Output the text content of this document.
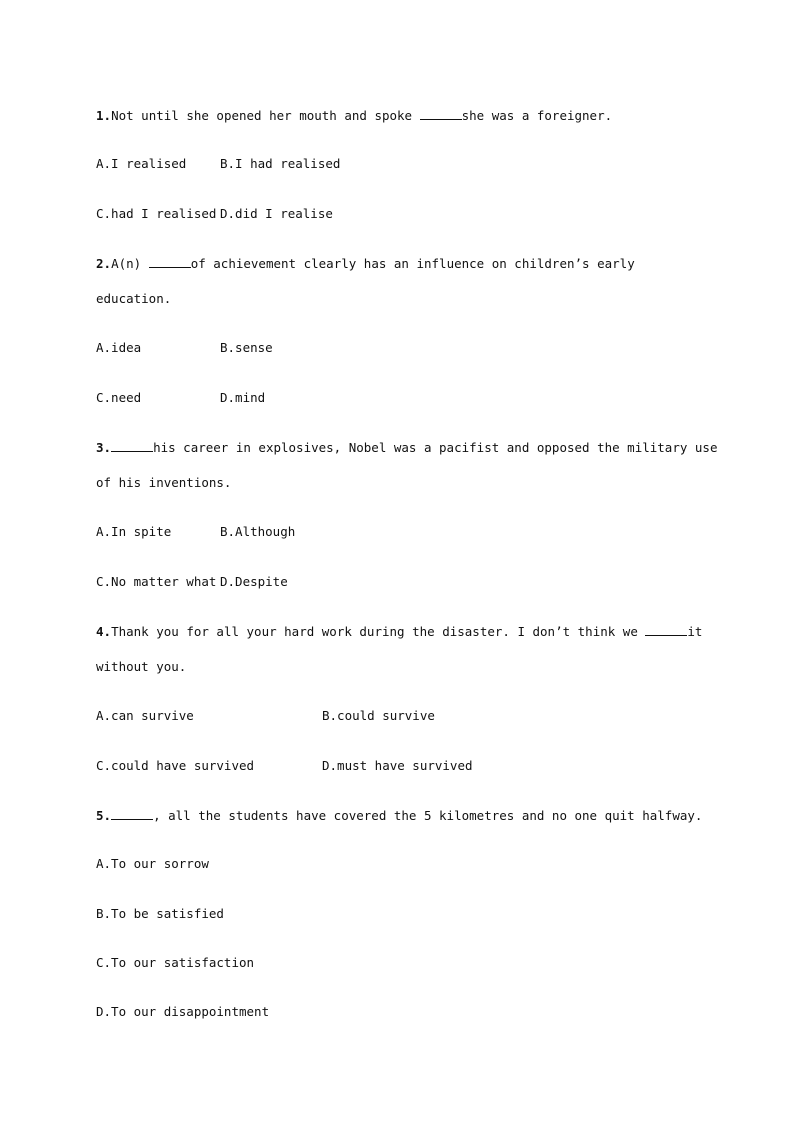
1.Not until she opened her mouth and spoke	she was a foreigner.
A.I realised	B.I had realised
C.had I realised D.did I realise
2.A(n)	of achievement clearly has an influence on children’s early
education.
A.idea	B.sense
C.need	D.mind
3.	his career in explosives, Nobel was a pacifist and opposed the military use
of his inventions.
A.In spite	B.Although
C.No matter what D.Despite
4.Thank you for all your hard work during the disaster. I don’t think we	it
without you.
A.can survive	B.could survive
C.could have survived	D.must have survived
5.	, all the students have covered the 5 kilometres and no one quit halfway.
A.To our sorrow
B.To be satisfied
C.To our satisfaction
D.To our disappointment
